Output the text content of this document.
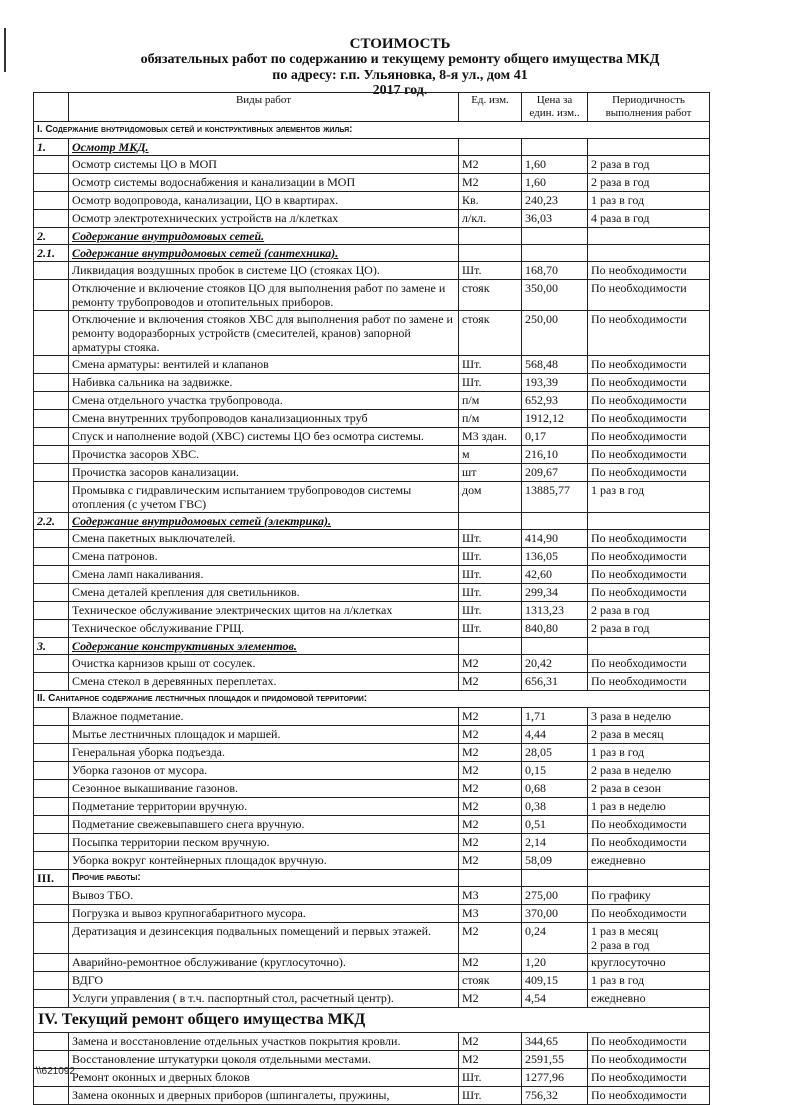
СТОИМОСТЬ
обязательных работ по содержанию и текущему ремонту общего имущества МКД
по адресу: г.п. Ульяновка, 8-я ул., дом 41
2017 год.
	Виды работ	Ед. изм.	Цена за един. изм..	Периодичность выполнения работ
I. Содержание внутридомовых сетей и конструктивных элементов жилья:				
1.	Осмотр МКД.			
	Осмотр системы ЦО в МОП	М2	1,60	2 раза в год
	Осмотр системы водоснабжения и канализации в МОП	М2	1,60	2 раза в год
	Осмотр водопровода, канализации, ЦО в квартирах.	Кв.	240,23	1 раз в год
	Осмотр электротехнических устройств на л/клетках	л/кл.	36,03	4 раза в год
2.	Содержание внутридомовых сетей.			
2.1.	Содержание внутридомовых сетей (сантехника).			
	Ликвидация воздушных пробок в системе ЦО (стояках ЦО).	Шт.	168,70	По необходимости
	Отключение и включение стояков ЦО для выполнения работ по замене и ремонту трубопроводов и отопительных приборов.	стояк	350,00	По необходимости
	Отключение и включения стояков ХВС для выполнения работ по замене и ремонту водоразборных устройств (смесителей, кранов) запорной арматуры стояка.	стояк	250,00	По необходимости
	Смена арматуры: вентилей и клапанов	Шт.	568,48	По необходимости
	Набивка сальника на задвижке.	Шт.	193,39	По необходимости
	Смена отдельного участка трубопровода.	п/м	652,93	По необходимости
	Смена внутренних трубопроводов канализационных труб	п/м	1912,12	По необходимости
	Спуск и наполнение водой (ХВС) системы ЦО без осмотра системы.	М3 здан.	0,17	По необходимости
	Прочистка засоров ХВС.	м	216,10	По необходимости
	Прочистка засоров канализации.	шт	209,67	По необходимости
	Промывка с гидравлическим испытанием трубопроводов системы отопления (с учетом ГВС)	дом	13885,77	1 раз в год
2.2.	Содержание внутридомовых сетей (электрика).			
	Смена пакетных выключателей.	Шт.	414,90	По необходимости
	Смена патронов.	Шт.	136,05	По необходимости
	Смена ламп накаливания.	Шт.	42,60	По необходимости
	Смена деталей крепления для светильников.	Шт.	299,34	По необходимости
	Техническое обслуживание электрических щитов на л/клетках	Шт.	1313,23	2 раза в год
	Техническое обслуживание ГРЩ.	Шт.	840,80	2 раза в год
3.	Содержание конструктивных элементов.			
	Очистка карнизов крыш от сосулек.	М2	20,42	По необходимости
	Смена стекол в деревянных переплетах.	М2	656,31	По необходимости
II. Санитарное содержание лестничных площадок и придомовой территории:				
	Влажное подметание.	М2	1,71	3 раза в неделю
	Мытье лестничных площадок и маршей.	М2	4,44	2 раза в месяц
	Генеральная уборка подъезда.	М2	28,05	1 раз в год
	Уборка газонов от мусора.	М2	0,15	2 раза в неделю
	Сезонное выкашивание газонов.	М2	0,68	2 раза в сезон
	Подметание территории вручную.	М2	0,38	1 раз в неделю
	Подметание свежевыпавшего снега вручную.	М2	0,51	По необходимости
	Посыпка территории песком вручную.	М2	2,14	По необходимости
	Уборка вокруг контейнерных площадок вручную.	М2	58,09	ежедневно
III.	Прочие работы:			
	Вывоз ТБО.	М3	275,00	По графику
	Погрузка и вывоз крупногабаритного мусора.	М3	370,00	По необходимости
	Дератизация и дезинсекция подвальных помещений и первых этажей.	М2	0,24	1 раз в месяц
2 раза в год
	Аварийно-ремонтное обслуживание (круглосуточно).	М2	1,20	круглосуточно
	ВДГО	стояк	409,15	1 раз в год
	Услуги управления ( в т.ч. паспортный стол, расчетный центр).	М2	4,54	ежедневно
IV. Текущий ремонт общего имущества МКД				
	Замена и восстановление отдельных участков покрытия кровли.	М2	344,65	По необходимости
	Восстановление штукатурки цоколя отдельными местами.	М2	2591,55	По необходимости
	Ремонт оконных и дверных блоков	Шт.	1277,96	По необходимости
	Замена оконных и дверных приборов (шпингалеты, пружины,	Шт.	756,32	По необходимости
\\621092
